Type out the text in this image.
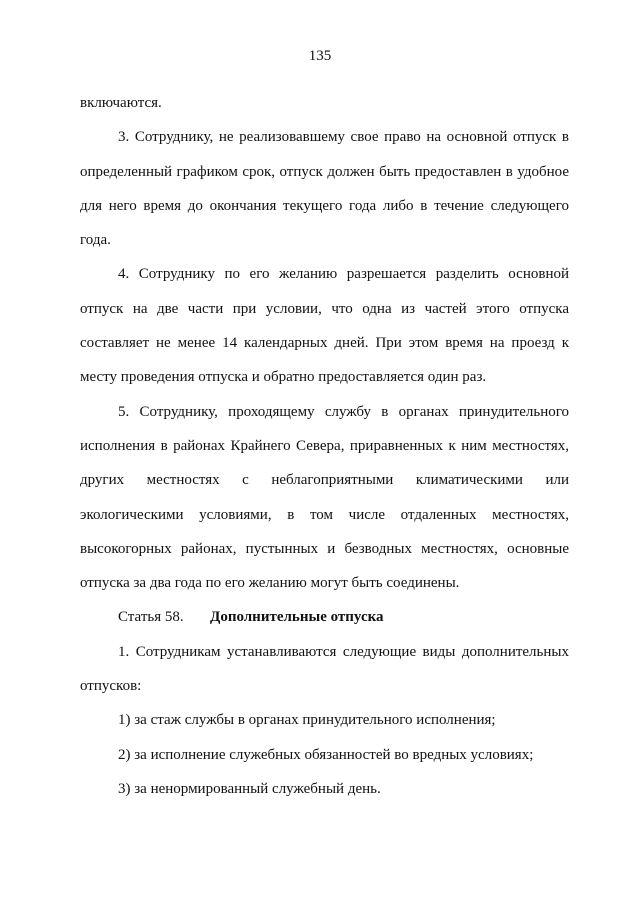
135

включаются.

3. Сотруднику, не реализовавшему свое право на основной отпуск в определенный графиком срок, отпуск должен быть предоставлен в удобное для него время до окончания текущего года либо в течение следующего года.

4. Сотруднику по его желанию разрешается разделить основной отпуск на две части при условии, что одна из частей этого отпуска составляет не менее 14 календарных дней. При этом время на проезд к месту проведения отпуска и обратно предоставляется один раз.

5. Сотруднику, проходящему службу в органах принудительного исполнения в районах Крайнего Севера, приравненных к ним местностях, других местностях с неблагоприятными климатическими или экологическими условиями, в том числе отдаленных местностях, высокогорных районах, пустынных и безводных местностях, основные отпуска за два года по его желанию могут быть соединены.

Статья 58. Дополнительные отпуска

1. Сотрудникам устанавливаются следующие виды дополнительных отпусков:

1) за стаж службы в органах принудительного исполнения;

2) за исполнение служебных обязанностей во вредных условиях;

3) за ненормированный служебный день.
